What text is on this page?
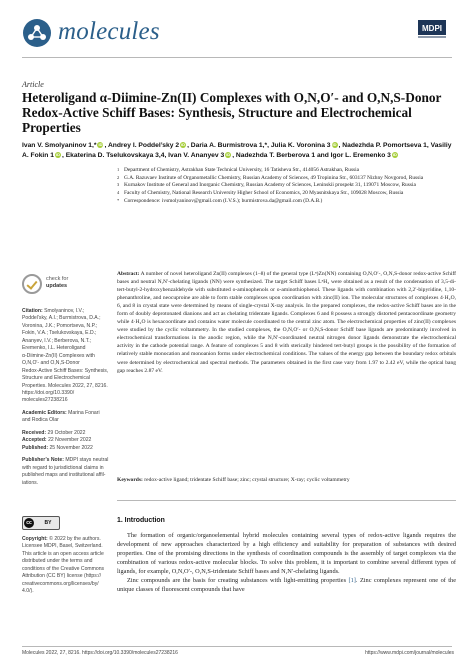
molecules	MDPI
Article
Heteroligand α-Diimine-Zn(II) Complexes with O,N,O′- and O,N,S-Donor Redox-Active Schiff Bases: Synthesis, Structure and Electrochemical Properties
Ivan V. Smolyaninov 1,* iD , Andrey I. Poddel’sky 2 iD , Daria A. Burmistrova 1,*, Julia K. Voronina 3 iD , Nadezhda P. Pomortseva 1, Vasiliy A. Fokin 1 iD , Ekaterina D. Tselukovskaya 3,4, Ivan V. Ananyev 3 iD , Nadezhda T. Berberova 1 and Igor L. Eremenko 3 iD
1 Department of Chemistry, Astrakhan State Technical University, 16 Tatisheva Str., 414056 Astrakhan, Russia
2 G.A. Razuvaev Institute of Organometallic Chemistry, Russian Academy of Sciences, 49 Tropinina Str., 603137 Nizhny Novgorod, Russia
3 Kurnakov Institute of General and Inorganic Chemistry, Russian Academy of Sciences, Leninskii prospekt 31, 119071 Moscow, Russia
4 Faculty of Chemistry, National Research University Higher School of Economics, 20 Myasnitskaya Str., 109028 Moscow, Russia
* Correspondence: ivsmolyaninov@gmail.com (I.V.S.); burmistrova.da@gmail.com (D.A.B.)
check for
updates
Citation: Smolyaninov, I.V.;
Poddel’sky, A.I.; Burmistrova, D.A.;
Voronina, J.K.; Pomortseva, N.P.;
Fokin, V.A.; Tselukovskaya, E.D.;
Ananyev, I.V.; Berberova, N.T.;
Eremenko, I.L. Heteroligand
α-Diimine-Zn(II) Complexes with
O,N,O′- and O,N,S-Donor
Redox-Active Schiff Bases: Synthesis,
Structure and Electrochemical
Properties. Molecules 2022, 27, 8216.
https://doi.org/10.3390/
molecules27238216
Academic Editors: Marina Fonari
and Rodica Olar
Received: 29 October 2022
Accepted: 22 November 2022
Published: 25 November 2022
Publisher’s Note: MDPI stays neutral
with regard to jurisdictional claims in
published maps and institutional affil-
iations.
cc	BY
Copyright: © 2022 by the authors.
Licensee MDPI, Basel, Switzerland.
This article is an open access article
distributed under the terms and
conditions of the Creative Commons
Attribution (CC BY) license (https://
creativecommons.org/licenses/by/
4.0/).
Abstract: A number of novel heteroligand Zn(II) complexes (1–8) of the general type (Lⁿ)Zn(NN) containing O,N,O′-, O,N,S-donor redox-active Schiff bases and neutral N,N′-chelating ligands (NN) were synthesized. The target Schiff bases LⁿH₂ were obtained as a result of the condensation of 3,5-di-tert-butyl-2-hydroxybenzaldehyde with substituted o-aminophenols or o-aminothiophenol. These ligands with combination with 2,2′-bipyridine, 1,10-phenanthroline, and neocuproine are able to form stable complexes upon coordination with zinc(II) ion. The molecular structures of complexes 4·H₂O, 6, and 8 in crystal state were determined by means of single-crystal X-ray analysis. In the prepared complexes, the redox-active Schiff bases are in the form of doubly deprotonated dianions and act as chelating tridentate ligands. Complexes 6 and 8 possess a strongly distorted pentacoordinate geometry while 4·H₂O is hexacoordinate and contains water molecule coordinated to the central zinc atom. The electrochemical properties of zinc(II) complexes were studied by the cyclic voltammetry. In the studied complexes, the O,N,O′- or O,N,S-donor Schiff base ligands are predominantly involved in electrochemical transformations in the anodic region, while the N,N′-coordinated neutral nitrogen donor ligands demonstrate the electrochemical activity in the cathode potential range. A feature of complexes 5 and 8 with sterically hindered tert-butyl groups is the possibility of the formation of relatively stable monocation and monoanion forms under electrochemical conditions. The values of the energy gap between the boundary redox orbitals were determined by electrochemical and spectral methods. The parameters obtained in the first case vary from 1.97 to 2.42 eV, while the optical bang gap reaches 2.87 eV.
Keywords: redox-active ligand; tridentate Schiff base; zinc; crystal structure; X-ray; cyclic voltammetry
1. Introduction

The formation of organic/organoelemental hybrid molecules containing several types of redox-active ligands requires the development of new approaches characterized by a high efficiency and suitability for preparation of substances with desired properties. One of the promising directions in the synthesis of coordination compounds is the assembly of target complexes via the combination of various redox-active molecular blocks. To solve this problem, it is important to combine several different types of ligands, for example, O,N,O′-, O,N,S-tridentate Schiff bases and N,N′-chelating ligands.

Zinc compounds are the basis for creating substances with light-emitting properties [1]. Zinc complexes represent one of the unique classes of fluorescent compounds that have

Molecules 2022, 27, 8216. https://doi.org/10.3390/molecules27238216	https://www.mdpi.com/journal/molecules
